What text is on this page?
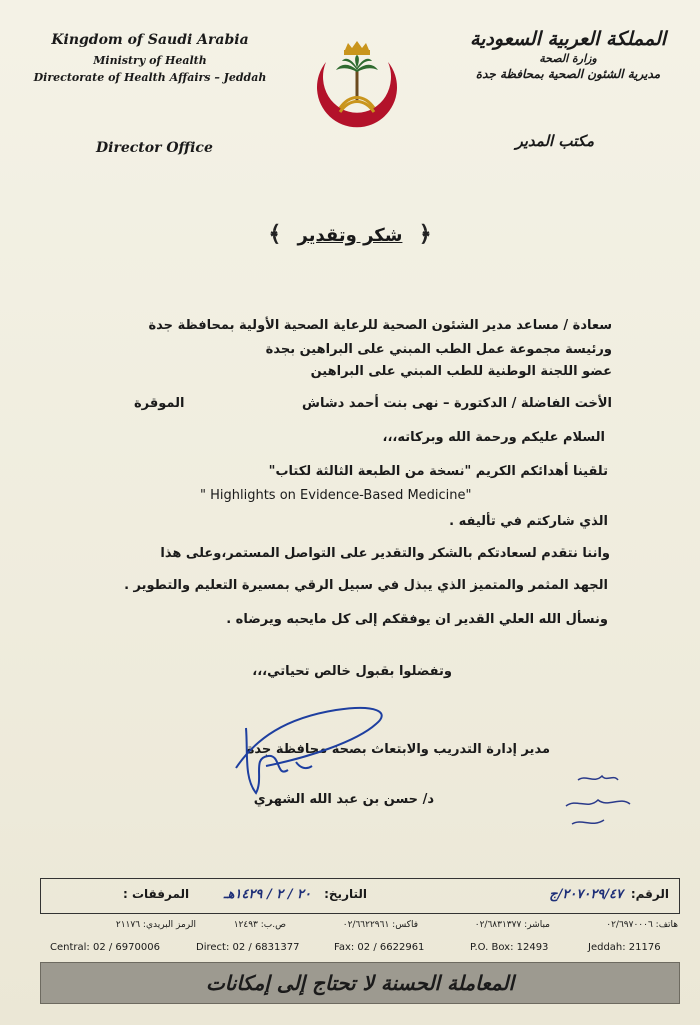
Kingdom of Saudi Arabia
Ministry of Health
Directorate of Health Affairs – Jeddah
المملكة العربية السعودية
وزارة الصحة
مديرية الشئون الصحية بمحافظة جدة
Director Office	مكتب المدير
﴿ شكر وتقدير ﴾
سعادة / مساعد مدير الشئون الصحية للرعاية الصحية الأولية بمحافظة جدة
ورئيسة مجموعة عمل الطب المبني على البراهين بجدة
عضو اللجنة الوطنية للطب المبني على البراهين
الأخت الفاضلة / الدكتورة – نهى بنت أحمد دشاش
الموقرة
السلام عليكم ورحمة الله وبركاته،،،
تلقينا أهدائكم الكريم "نسخة من الطبعة الثالثة لكتاب"
" Highlights on Evidence-Based Medicine"
الذي شاركتم في تأليفه .
واننا نتقدم لسعادتكم بالشكر والتقدير على التواصل المستمر،وعلى هذا
الجهد المثمر والمتميز الذي يبذل في سبيل الرقي بمسيرة التعليم والتطوير .
ونسأل الله العلي القدير ان يوفقكم إلى كل مايحبه ويرضاه .
وتفضلوا بقبول خالص تحياتي،،،
مدير إدارة التدريب والابتعاث بصحة محافظة جدة
د/ حسن بن عبد الله الشهري
الرقم:
٢٠٧٠٢٩/٤٧/ج
التاريخ:
٢٠ / ٢ / ١٤٢٩هـ
المرفقات :
هاتف: ٠٢/٦٩٧٠٠٠٦
مباشر: ٠٢/٦٨٣١٣٧٧
فاكس: ٠٢/٦٦٢٢٩٦١
ص.ب: ١٢٤٩٣
الرمز البريدي: ٢١١٧٦
Central: 02 / 6970006	Direct: 02 / 6831377	Fax: 02 / 6622961	P.O. Box: 12493	Jeddah: 21176
المعاملة الحسنة لا تحتاج إلى إمكانات
